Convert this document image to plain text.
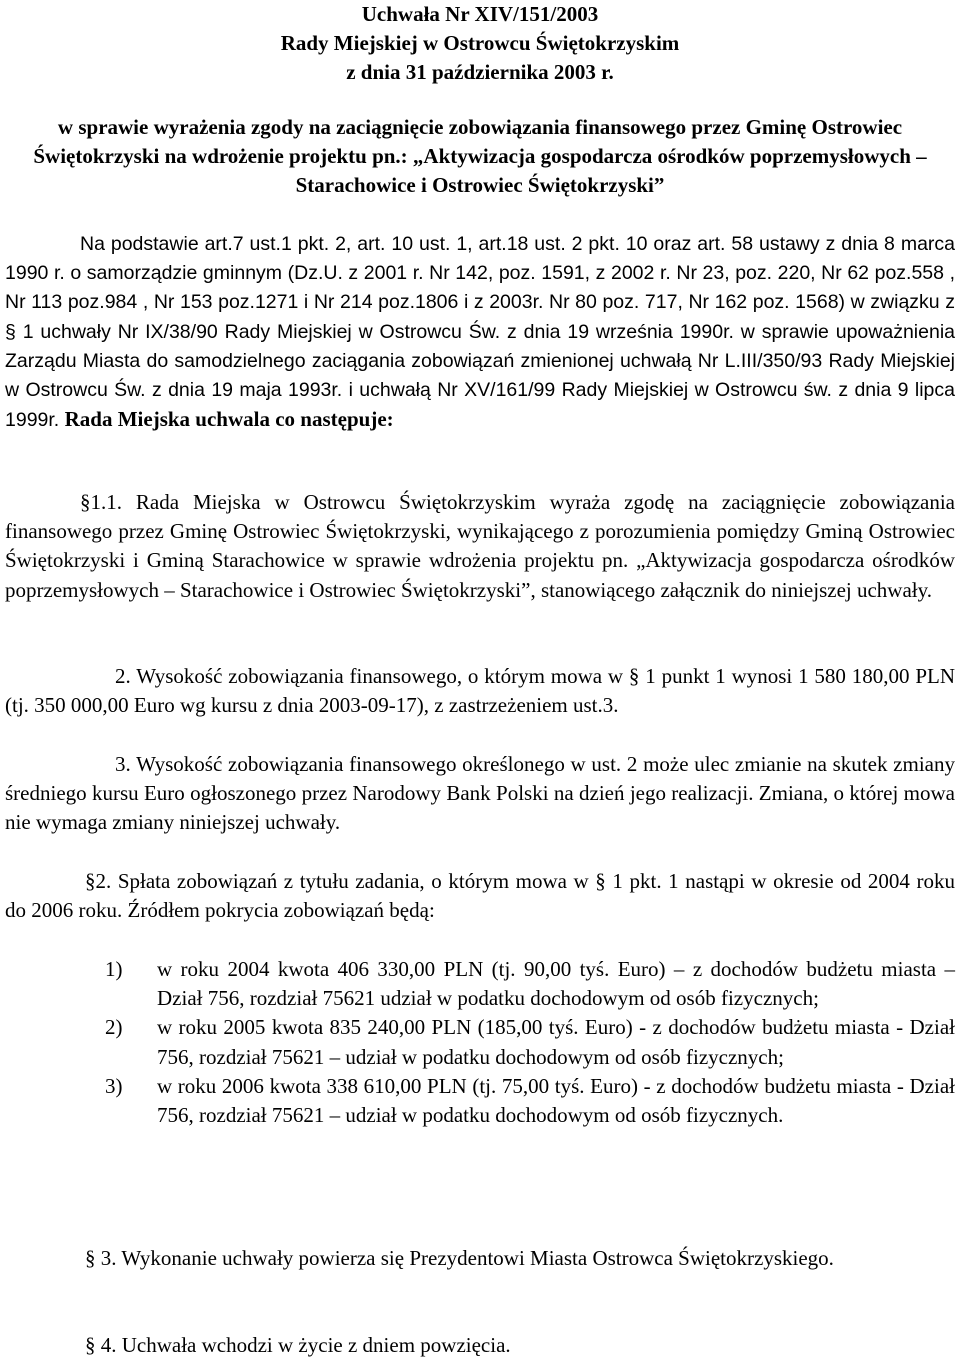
Uchwała Nr XIV/151/2003

Rady Miejskiej w Ostrowcu Świętokrzyskim

z dnia 31 października 2003 r.

w sprawie wyrażenia zgody na zaciągnięcie zobowiązania finansowego przez Gminę Ostrowiec Świętokrzyski na wdrożenie projektu pn.: „Aktywizacja gospodarcza ośrodków poprzemysłowych – Starachowice i Ostrowiec Świętokrzyski”

Na podstawie art.7 ust.1 pkt. 2, art. 10 ust. 1, art.18 ust. 2 pkt. 10 oraz art. 58 ustawy z dnia 8 marca 1990 r. o samorządzie gminnym (Dz.U. z 2001 r. Nr 142, poz. 1591, z 2002 r. Nr 23, poz. 220, Nr 62 poz.558 , Nr 113 poz.984 , Nr 153 poz.1271 i Nr 214 poz.1806 i z 2003r. Nr 80 poz. 717, Nr 162 poz. 1568) w związku z § 1 uchwały Nr IX/38/90 Rady Miejskiej w Ostrowcu Św. z dnia 19 września 1990r. w sprawie upoważnienia Zarządu Miasta do samodzielnego zaciągania zobowiązań zmienionej uchwałą Nr L.III/350/93 Rady Miejskiej w Ostrowcu Św. z dnia 19 maja 1993r. i uchwałą Nr XV/161/99 Rady Miejskiej w Ostrowcu św. z dnia 9 lipca 1999r. Rada Miejska uchwala co następuje:

§1.1. Rada Miejska w Ostrowcu Świętokrzyskim wyraża zgodę na zaciągnięcie zobowiązania finansowego przez Gminę Ostrowiec Świętokrzyski, wynikającego z porozumienia pomiędzy Gminą Ostrowiec Świętokrzyski i Gminą Starachowice w sprawie wdrożenia projektu pn. „Aktywizacja gospodarcza ośrodków poprzemysłowych – Starachowice i Ostrowiec Świętokrzyski”, stanowiącego załącznik do niniejszej uchwały.

2. Wysokość zobowiązania finansowego, o którym mowa w § 1 punkt 1 wynosi 1 580 180,00 PLN (tj. 350 000,00 Euro wg kursu z dnia 2003-09-17), z zastrzeżeniem ust.3.

3. Wysokość zobowiązania finansowego określonego w ust. 2 może ulec zmianie na skutek zmiany średniego kursu Euro ogłoszonego przez Narodowy Bank Polski na dzień jego realizacji. Zmiana, o której mowa nie wymaga zmiany niniejszej uchwały.

§2. Spłata zobowiązań z tytułu zadania, o którym mowa w § 1 pkt. 1 nastąpi w okresie od 2004 roku do 2006 roku. Źródłem pokrycia zobowiązań będą:

1) w roku 2004 kwota 406 330,00 PLN (tj. 90,00 tyś. Euro) – z dochodów budżetu miasta – Dział 756, rozdział 75621 udział w podatku dochodowym od osób fizycznych;
2) w roku 2005 kwota 835 240,00 PLN (185,00 tyś. Euro) - z dochodów budżetu miasta - Dział 756, rozdział 75621 – udział w podatku dochodowym od osób fizycznych;
3) w roku 2006 kwota 338 610,00 PLN (tj. 75,00 tyś. Euro) - z dochodów budżetu miasta - Dział 756, rozdział 75621 – udział w podatku dochodowym od osób fizycznych.

§ 3. Wykonanie uchwały powierza się Prezydentowi Miasta Ostrowca Świętokrzyskiego.

§ 4. Uchwała wchodzi w życie z dniem powzięcia.
